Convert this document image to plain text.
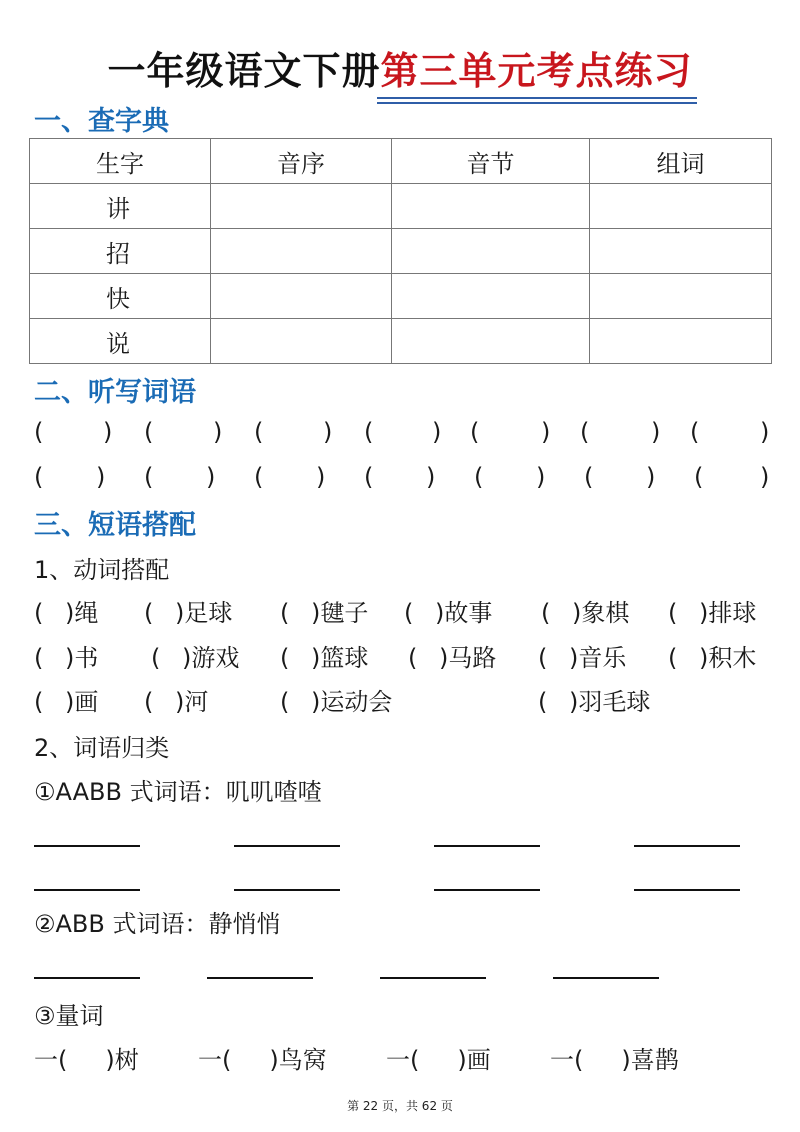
一年级语文下册第三单元考点练习
一、查字典
生字	音序	音节	组词
讲			
招			
快			
说			
二、听写词语
( ) ( ) ( ) ( ) (	) (	) (	)
( ) ( ) ( ) ( ) ( ) ( ) ( )
三、短语搭配
1、动词搭配
( )绳 ( )足球 ( )毽子 ( )故事 ( )象棋 ( )排球
( )书 ( )游戏 ( )篮球 ( )马路 ( )音乐 ( )积木
( )画 ( )河	( )运动会	( )羽毛球
2、词语归类
①AABB 式词语：叽叽喳喳
②ABB 式词语：静悄悄
③量词
一( )树 一( )鸟窝 一( )画 一( )喜鹊
第 22 页，共 62 页
